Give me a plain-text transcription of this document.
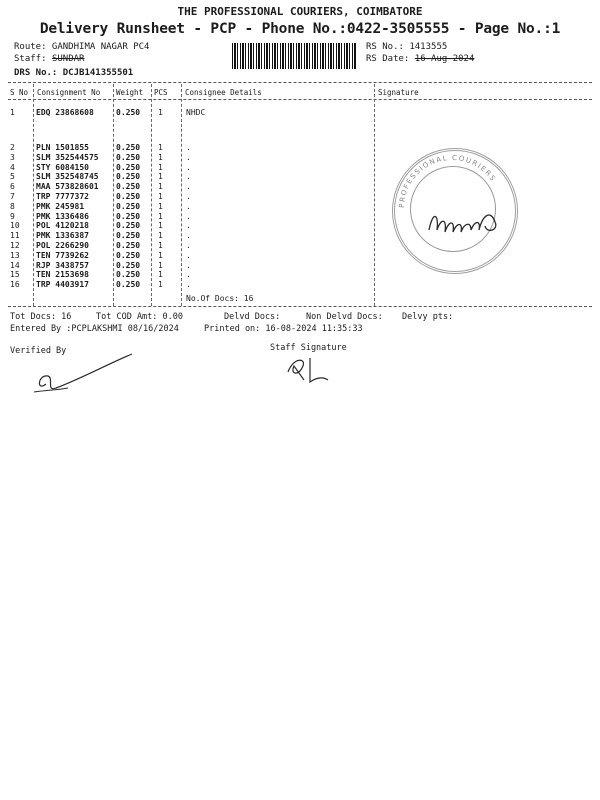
THE PROFESSIONAL COURIERS, COIMBATORE
Delivery Runsheet - PCP - Phone No.:0422-3505555 - Page No.:1
Route: GANDHIMA NAGAR PC4
Staff: SUNDAR
DRS No.: DCJB141355501
RS No.: 1413555
RS Date: 16-Aug-2024
S No Consignment No Weight PCS Consignee Details	Signature
1	EDQ 23868608	0.250 1	NHDC
2	PLN 1501855	0.250 1	.
3	SLM 352544575 0.250 1	.
4	STY 6084150	0.250 1	.
5	SLM 352548745 0.250 1	.
6	MAA 573828601 0.250 1	.
7	TRP 7777372	0.250 1	.
8	PMK 245981	0.250 1	.
9	PMK 1336486	0.250 1	.
10 POL 4120218	0.250 1	.
11 PMK 1336387	0.250 1	.
12 POL 2266290	0.250 1	.
13 TEN 7739262	0.250 1	.
14 RJP 3438757	0.250 1	.
15 TEN 2153698	0.250 1	.
16 TRP 4403917	0.250 1	.
No.Of Docs: 16
PROFESSIONAL COURIERS
Tot Docs: 16	Tot COD Amt: 0.00	Delvd Docs:	Non Delvd Docs: Delvy pts:
Entered By :PCPLAKSHMI 08/16/2024	Printed on: 16-08-2024 11:35:33
Verified By	Staff Signature
